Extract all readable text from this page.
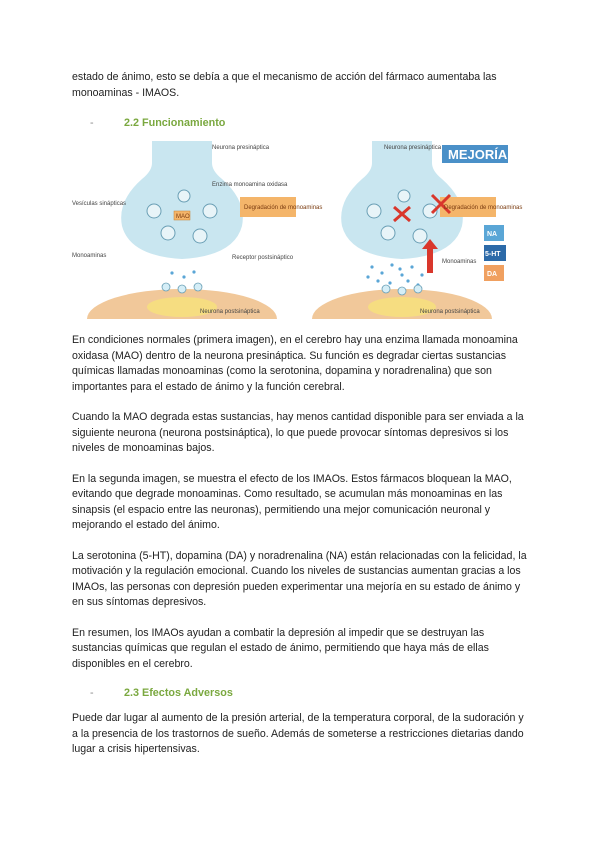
estado de ánimo, esto se debía a que el mecanismo de acción del fármaco aumentaba las monoaminas - IMAOS.

-	2.2 Funcionamiento
MAO
Degradación de monoaminas
Neurona presináptica
Enzima monoamina oxidasa
Vesículas sinápticas
Monoaminas	Receptor postsináptico
Neurona postsináptica
Neurona presináptica MEJORÍA
Degradación de monoaminas
Monoaminas
NA
5-HT
DA
Neurona postsináptica

En condiciones normales (primera imagen), en el cerebro hay una enzima llamada monoamina oxidasa (MAO) dentro de la neurona presináptica. Su función es degradar ciertas sustancias químicas llamadas monoaminas (como la serotonina, dopamina y noradrenalina) que son importantes para el estado de ánimo y la función cerebral.

Cuando la MAO degrada estas sustancias, hay menos cantidad disponible para ser enviada a la siguiente neurona (neurona postsináptica), lo que puede provocar síntomas depresivos si los niveles de monoaminas bajos.

En la segunda imagen, se muestra el efecto de los IMAOs. Estos fármacos bloquean la MAO, evitando que degrade monoaminas. Como resultado, se acumulan más monoaminas en las sinapsis (el espacio entre las neuronas), permitiendo una mejor comunicación neuronal y mejorando el estado del ánimo.

La serotonina (5-HT), dopamina (DA) y noradrenalina (NA) están relacionadas con la felicidad, la motivación y la regulación emocional. Cuando los niveles de sustancias aumentan gracias a los IMAOs, las personas con depresión pueden experimentar una mejoría en su estado de ánimo y en sus síntomas depresivos.

En resumen, los IMAOs ayudan a combatir la depresión al impedir que se destruyan las sustancias químicas que regulan el estado de ánimo, permitiendo que haya más de ellas disponibles en el cerebro.

-	2.3 Efectos Adversos

Puede dar lugar al aumento de la presión arterial, de la temperatura corporal, de la sudoración y a la presencia de los trastornos de sueño. Además de someterse a restricciones dietarias dando lugar a crisis hipertensivas.
